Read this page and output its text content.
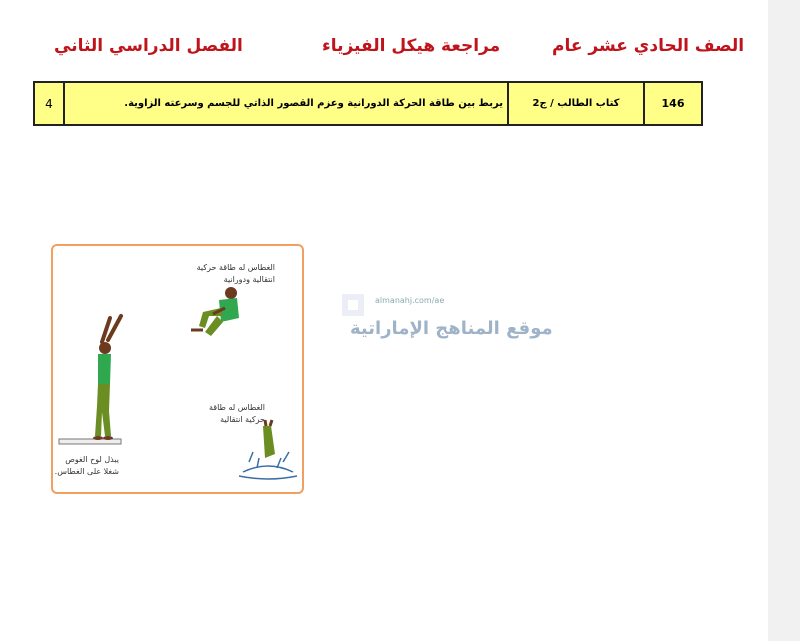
الصف الحادي عشر عام
مراجعة هيكل الفيزياء
الفصل الدراسي الثاني
146	كتاب الطالب / ج2	يربط بين طاقة الحركة الدورانية وعزم القصور الذاتي للجسم وسرعته الزاوية.	4
الغطاس له طاقة حركية انتقالية ودورانية
الغطاس له طاقة حركية انتقالية
يبذل لوح الغوص شغلا على الغطاس.
almanahj.com/ae
موقع المناهج الإماراتية
